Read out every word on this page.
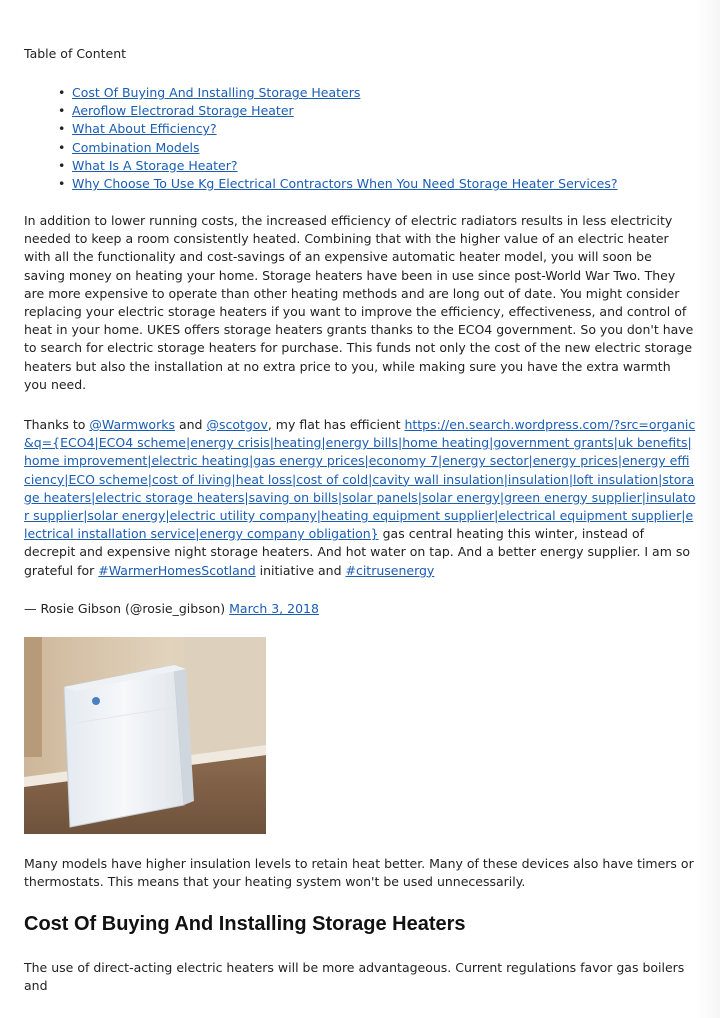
Table of Content

• Cost Of Buying And Installing Storage Heaters
• Aeroflow Electrorad Storage Heater
• What About Efficiency?
• Combination Models
• What Is A Storage Heater?
• Why Choose To Use Kg Electrical Contractors When You Need Storage Heater Services?

In addition to lower running costs, the increased efficiency of electric radiators results in less electricity needed to keep a room consistently heated. Combining that with the higher value of an electric heater with all the functionality and cost-savings of an expensive automatic heater model, you will soon be saving money on heating your home. Storage heaters have been in use since post-World War Two. They are more expensive to operate than other heating methods and are long out of date. You might consider replacing your electric storage heaters if you want to improve the efficiency, effectiveness, and control of heat in your home. UKES offers storage heaters grants thanks to the ECO4 government. So you don't have to search for electric storage heaters for purchase. This funds not only the cost of the new electric storage heaters but also the installation at no extra price to you, while making sure you have the extra warmth you need.

Thanks to @Warmworks and @scotgov, my flat has efficient https://en.search.wordpress.com/?src=organic&q={ECO4|ECO4 scheme|energy crisis|heating|energy bills|home heating|government grants|uk benefits|home improvement|electric heating|gas energy prices|economy 7|energy sector|energy prices|energy efficiency|ECO scheme|cost of living|heat loss|cost of cold|cavity wall insulation|insulation|loft insulation|storage heaters|electric storage heaters|saving on bills|solar panels|solar energy|green energy supplier|insulator supplier|solar energy|electric utility company|heating equipment supplier|electrical equipment supplier|electrical installation service|energy company obligation} gas central heating this winter, instead of decrepit and expensive night storage heaters. And hot water on tap. And a better energy supplier. I am so grateful for #WarmerHomesScotland initiative and #citrusenergy

— Rosie Gibson (@rosie_gibson) March 3, 2018

Many models have higher insulation levels to retain heat better. Many of these devices also have timers or thermostats. This means that your heating system won't be used unnecessarily.

Cost Of Buying And Installing Storage Heaters

The use of direct-acting electric heaters will be more advantageous. Current regulations favor gas boilers and
